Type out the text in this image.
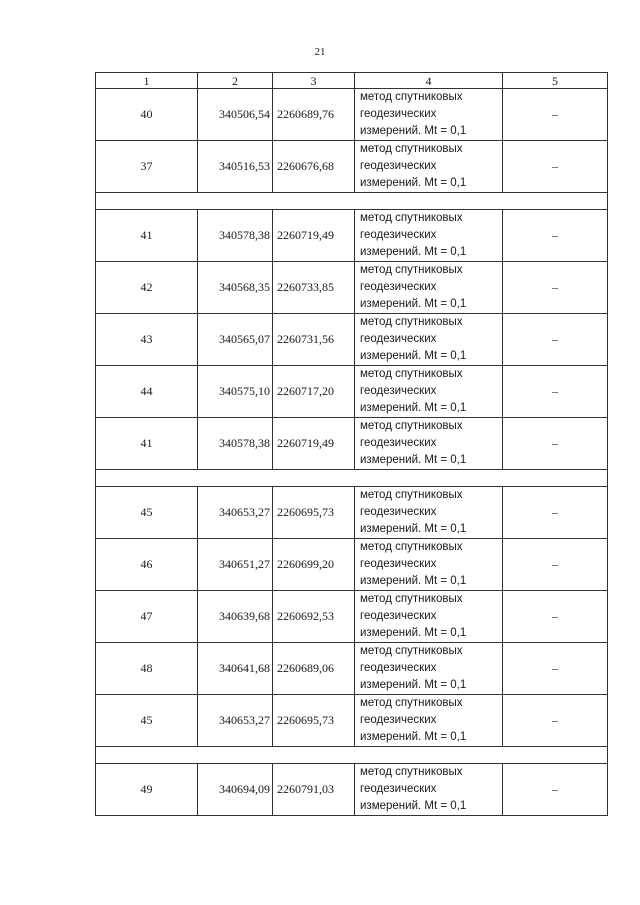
21
1	2	3	4	5
40	340506,54	2260689,76	метод спутниковых
геодезических
измерений. Mt = 0,1	–
37	340516,53	2260676,68	метод спутниковых
геодезических
измерений. Mt = 0,1	–

41	340578,38	2260719,49	метод спутниковых
геодезических
измерений. Mt = 0,1	–
42	340568,35	2260733,85	метод спутниковых
геодезических
измерений. Mt = 0,1	–
43	340565,07	2260731,56	метод спутниковых
геодезических
измерений. Mt = 0,1	–
44	340575,10	2260717,20	метод спутниковых
геодезических
измерений. Mt = 0,1	–
41	340578,38	2260719,49	метод спутниковых
геодезических
измерений. Mt = 0,1	–

45	340653,27	2260695,73	метод спутниковых
геодезических
измерений. Mt = 0,1	–
46	340651,27	2260699,20	метод спутниковых
геодезических
измерений. Mt = 0,1	–
47	340639,68	2260692,53	метод спутниковых
геодезических
измерений. Mt = 0,1	–
48	340641,68	2260689,06	метод спутниковых
геодезических
измерений. Mt = 0,1	–
45	340653,27	2260695,73	метод спутниковых
геодезических
измерений. Mt = 0,1	–

49	340694,09	2260791,03	метод спутниковых
геодезических
измерений. Mt = 0,1	–
